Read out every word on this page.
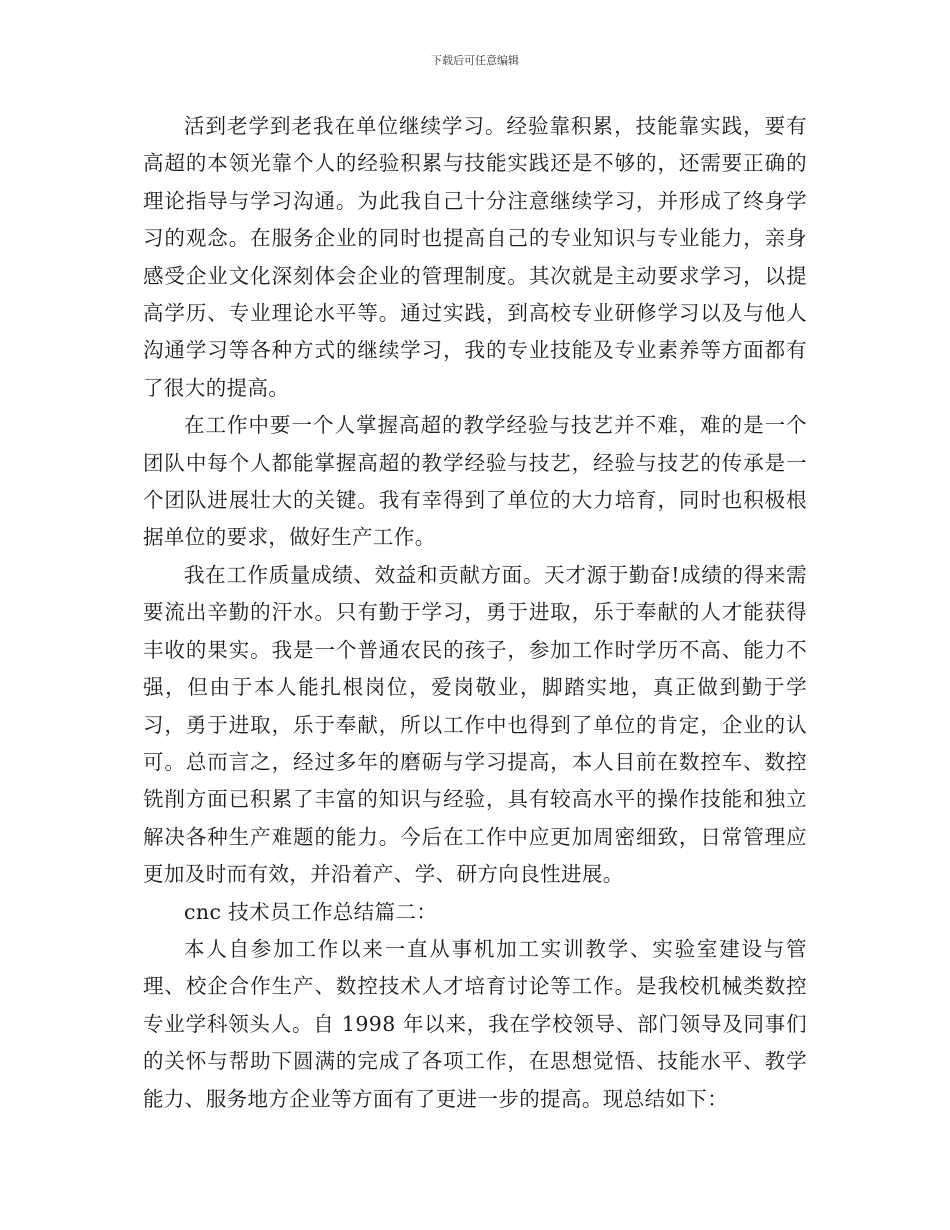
下载后可任意编辑

活到老学到老我在单位继续学习。经验靠积累，技能靠实践，要有高超的本领光靠个人的经验积累与技能实践还是不够的，还需要正确的理论指导与学习沟通。为此我自己十分注意继续学习，并形成了终身学习的观念。在服务企业的同时也提高自己的专业知识与专业能力，亲身感受企业文化深刻体会企业的管理制度。其次就是主动要求学习，以提高学历、专业理论水平等。通过实践，到高校专业研修学习以及与他人沟通学习等各种方式的继续学习，我的专业技能及专业素养等方面都有了很大的提高。

在工作中要一个人掌握高超的教学经验与技艺并不难，难的是一个团队中每个人都能掌握高超的教学经验与技艺，经验与技艺的传承是一个团队进展壮大的关键。我有幸得到了单位的大力培育，同时也积极根据单位的要求，做好生产工作。

我在工作质量成绩、效益和贡献方面。天才源于勤奋!成绩的得来需要流出辛勤的汗水。只有勤于学习，勇于进取，乐于奉献的人才能获得丰收的果实。我是一个普通农民的孩子，参加工作时学历不高、能力不强，但由于本人能扎根岗位，爱岗敬业，脚踏实地，真正做到勤于学习，勇于进取，乐于奉献，所以工作中也得到了单位的肯定，企业的认可。总而言之，经过多年的磨砺与学习提高，本人目前在数控车、数控铣削方面已积累了丰富的知识与经验，具有较高水平的操作技能和独立解决各种生产难题的能力。今后在工作中应更加周密细致，日常管理应更加及时而有效，并沿着产、学、研方向良性进展。

cnc 技术员工作总结篇二：

本人自参加工作以来一直从事机加工实训教学、实验室建设与管理、校企合作生产、数控技术人才培育讨论等工作。是我校机械类数控专业学科领头人。自 1998 年以来，我在学校领导、部门领导及同事们的关怀与帮助下圆满的完成了各项工作，在思想觉悟、技能水平、教学能力、服务地方企业等方面有了更进一步的提高。现总结如下：
